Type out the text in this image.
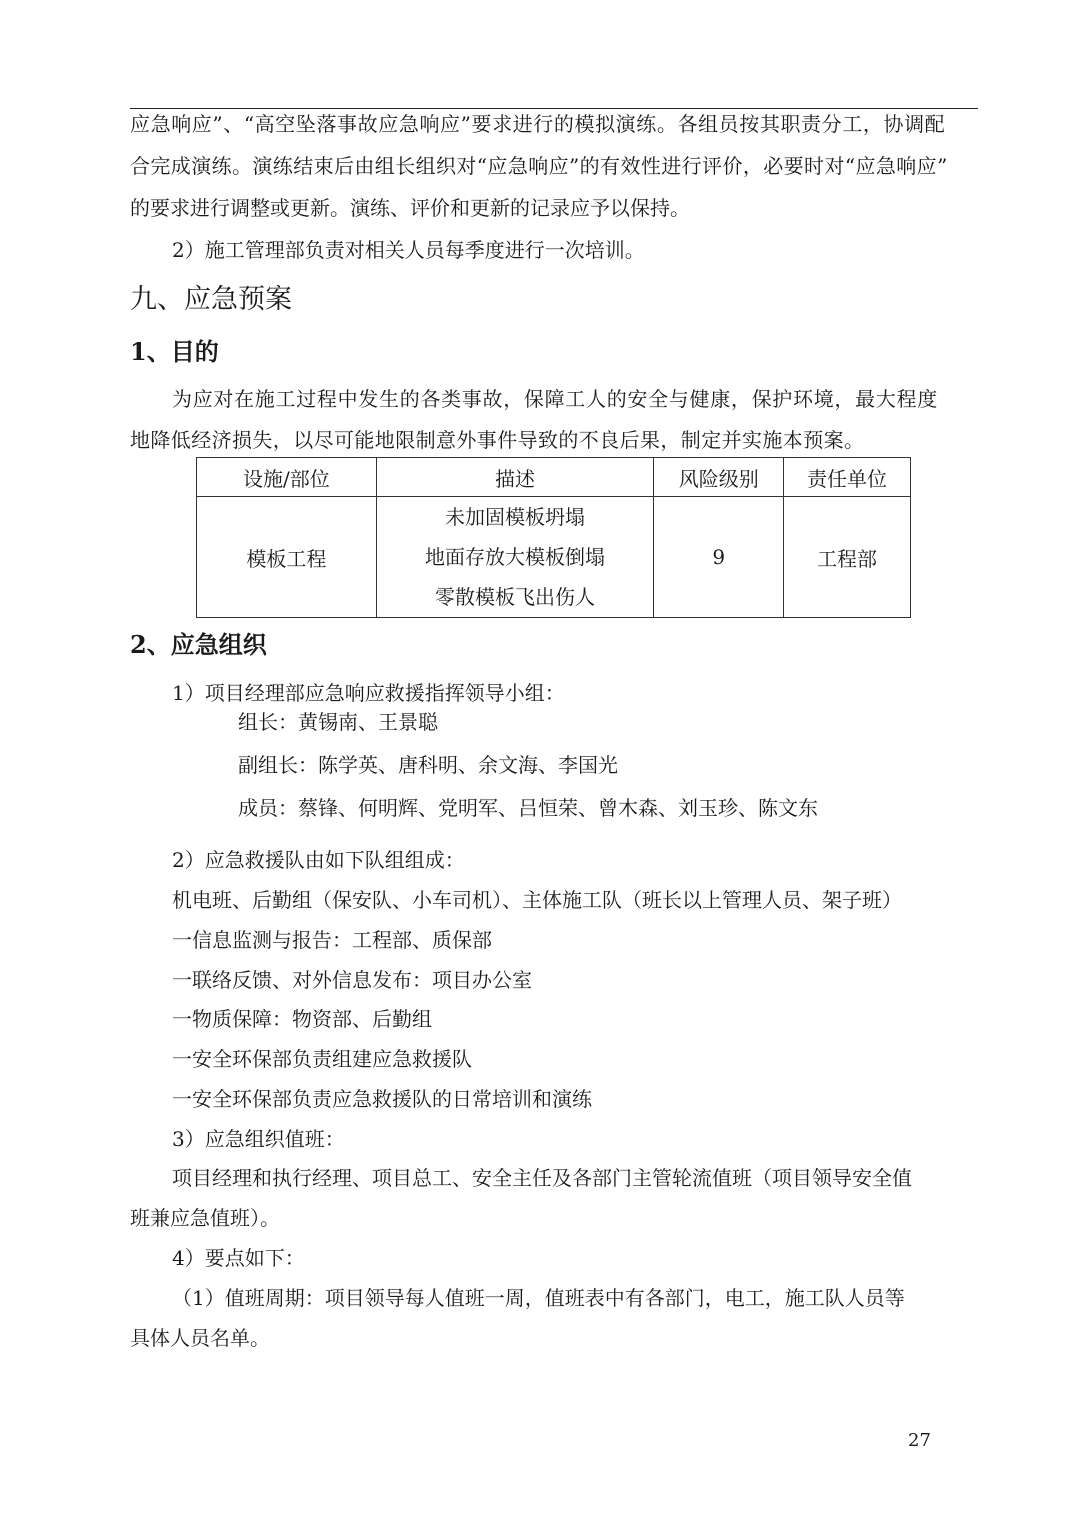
应急响应”、“高空坠落事故应急响应”要求进行的模拟演练。各组员按其职责分工，协调配
合完成演练。演练结束后由组长组织对“应急响应”的有效性进行评价，必要时对“应急响应”
的要求进行调整或更新。演练、评价和更新的记录应予以保持。
2）施工管理部负责对相关人员每季度进行一次培训。
九、应急预案
1、目的
为应对在施工过程中发生的各类事故，保障工人的安全与健康，保护环境，最大程度
地降低经济损失，以尽可能地限制意外事件导致的不良后果，制定并实施本预案。
设施/部位	描述	风险级别	责任单位
模板工程	未加固模板坍塌
地面存放大模板倒塌
零散模板飞出伤人	9	工程部
2、应急组织
1）项目经理部应急响应救援指挥领导小组：
组长：黄锡南、王景聪
副组长：陈学英、唐科明、余文海、李国光
成员：蔡锋、何明辉、党明军、吕恒荣、曾木森、刘玉珍、陈文东
2）应急救援队由如下队组组成：
机电班、后勤组（保安队、小车司机）、主体施工队（班长以上管理人员、架子班）
一信息监测与报告：工程部、质保部
一联络反馈、对外信息发布：项目办公室
一物质保障：物资部、后勤组
一安全环保部负责组建应急救援队
一安全环保部负责应急救援队的日常培训和演练
3）应急组织值班：
项目经理和执行经理、项目总工、安全主任及各部门主管轮流值班（项目领导安全值
班兼应急值班）。
4）要点如下：
（1）值班周期：项目领导每人值班一周，值班表中有各部门，电工，施工队人员等
具体人员名单。
27
